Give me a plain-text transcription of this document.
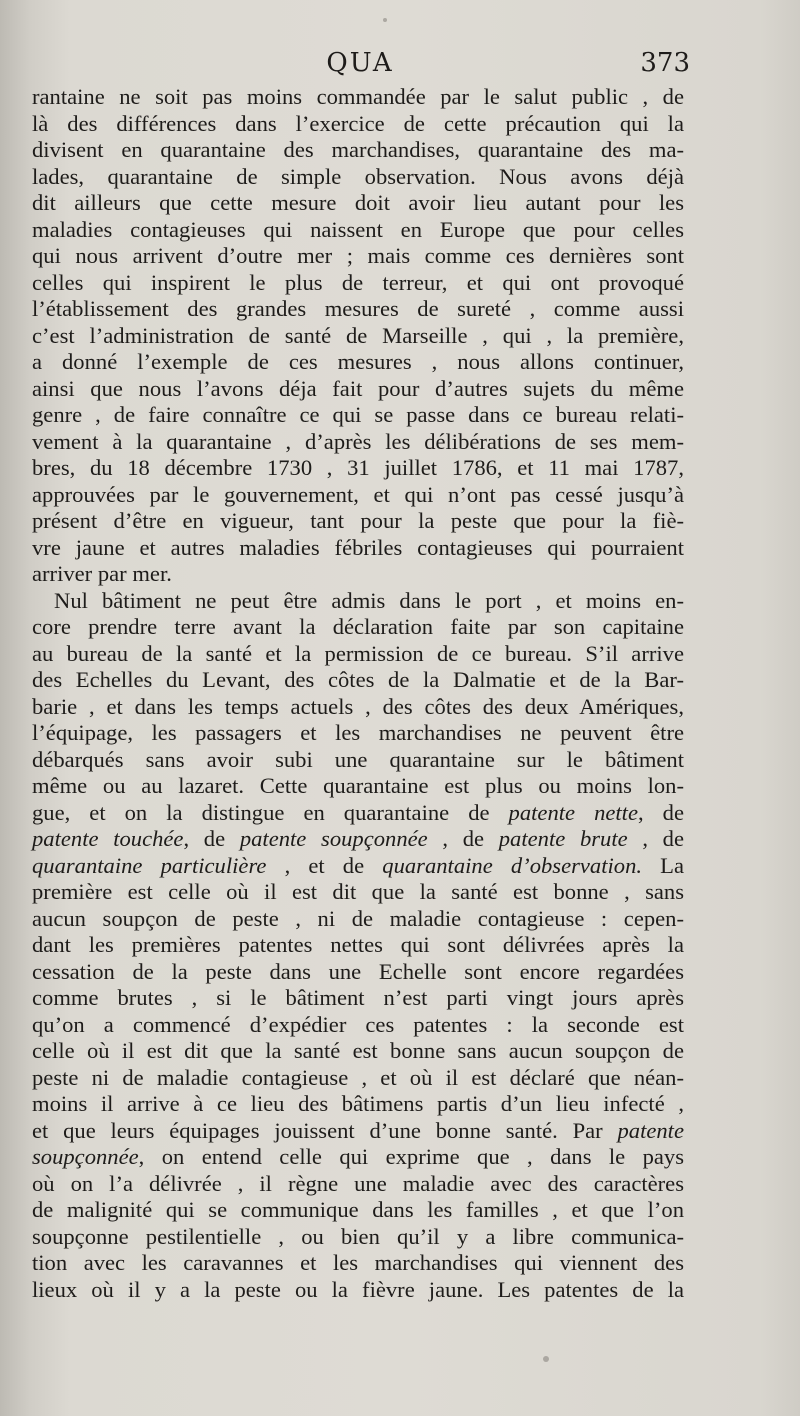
QUA	373
rantaine ne soit pas moins commandée par le salut public , de
là des différences dans l’exercice de cette précaution qui la
divisent en quarantaine des marchandises, quarantaine des ma-
lades, quarantaine de simple observation. Nous avons déjà
dit ailleurs que cette mesure doit avoir lieu autant pour les
maladies contagieuses qui naissent en Europe que pour celles
qui nous arrivent d’outre mer ; mais comme ces dernières sont
celles qui inspirent le plus de terreur, et qui ont provoqué
l’établissement des grandes mesures de sureté , comme aussi
c’est l’administration de santé de Marseille , qui , la première,
a donné l’exemple de ces mesures , nous allons continuer,
ainsi que nous l’avons déja fait pour d’autres sujets du même
genre , de faire connaître ce qui se passe dans ce bureau relati-
vement à la quarantaine , d’après les délibérations de ses mem-
bres, du 18 décembre 1730 , 31 juillet 1786, et 11 mai 1787,
approuvées par le gouvernement, et qui n’ont pas cessé jusqu’à
présent d’être en vigueur, tant pour la peste que pour la fiè-
vre jaune et autres maladies fébriles contagieuses qui pourraient
arriver par mer.
Nul bâtiment ne peut être admis dans le port , et moins en-
core prendre terre avant la déclaration faite par son capitaine
au bureau de la santé et la permission de ce bureau. S’il arrive
des Echelles du Levant, des côtes de la Dalmatie et de la Bar-
barie , et dans les temps actuels , des côtes des deux Amériques,
l’équipage, les passagers et les marchandises ne peuvent être
débarqués sans avoir subi une quarantaine sur le bâtiment
même ou au lazaret. Cette quarantaine est plus ou moins lon-
gue, et on la distingue en quarantaine de patente nette, de
patente touchée, de patente soupçonnée , de patente brute , de
quarantaine particulière , et de quarantaine d’observation. La
première est celle où il est dit que la santé est bonne , sans
aucun soupçon de peste , ni de maladie contagieuse : cepen-
dant les premières patentes nettes qui sont délivrées après la
cessation de la peste dans une Echelle sont encore regardées
comme brutes , si le bâtiment n’est parti vingt jours après
qu’on a commencé d’expédier ces patentes : la seconde est
celle où il est dit que la santé est bonne sans aucun soupçon de
peste ni de maladie contagieuse , et où il est déclaré que néan-
moins il arrive à ce lieu des bâtimens partis d’un lieu infecté ,
et que leurs équipages jouissent d’une bonne santé. Par patente
soupçonnée, on entend celle qui exprime que , dans le pays
où on l’a délivrée , il règne une maladie avec des caractères
de malignité qui se communique dans les familles , et que l’on
soupçonne pestilentielle , ou bien qu’il y a libre communica-
tion avec les caravannes et les marchandises qui viennent des
lieux où il y a la peste ou la fièvre jaune. Les patentes de la
